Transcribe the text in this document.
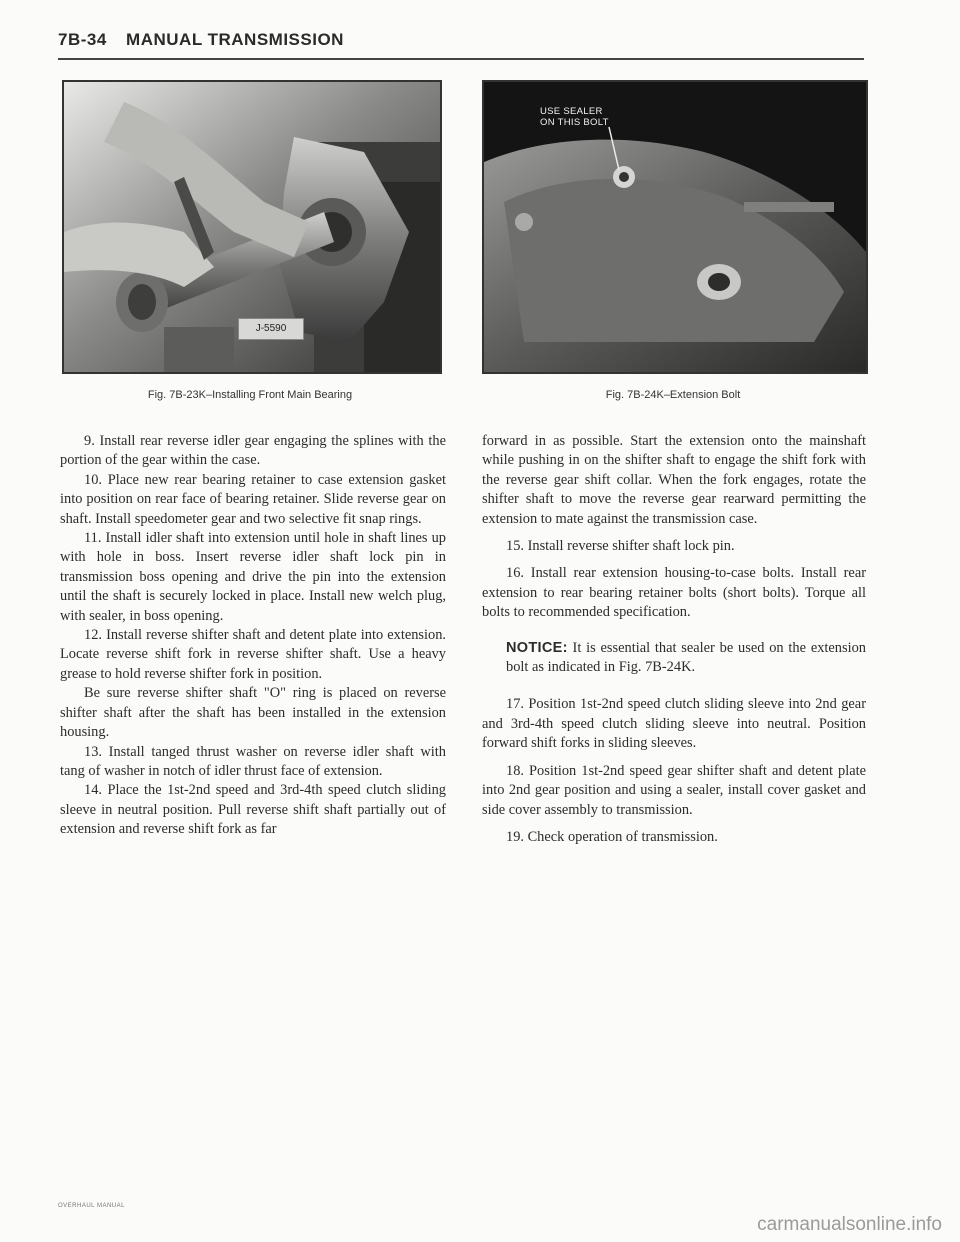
7B-34 MANUAL TRANSMISSION
J-5590
Fig. 7B-23K–Installing Front Main Bearing
USE SEALER
ON THIS BOLT
Fig. 7B-24K–Extension Bolt

9. Install rear reverse idler gear engaging the splines with the portion of the gear within the case.

10. Place new rear bearing retainer to case extension gasket into position on rear face of bearing retainer. Slide reverse gear on shaft. Install speedometer gear and two selective fit snap rings.

11. Install idler shaft into extension until hole in shaft lines up with hole in boss. Insert reverse idler shaft lock pin in transmission boss opening and drive the pin into the extension until the shaft is securely locked in place. Install new welch plug, with sealer, in boss opening.

12. Install reverse shifter shaft and detent plate into extension. Locate reverse shift fork in reverse shifter shaft. Use a heavy grease to hold reverse shifter fork in position.

Be sure reverse shifter shaft "O" ring is placed on reverse shifter shaft after the shaft has been installed in the extension housing.

13. Install tanged thrust washer on reverse idler shaft with tang of washer in notch of idler thrust face of extension.

14. Place the 1st-2nd speed and 3rd-4th speed clutch sliding sleeve in neutral position. Pull reverse shift shaft partially out of extension and reverse shift fork as far

forward in as possible. Start the extension onto the mainshaft while pushing in on the shifter shaft to engage the shift fork with the reverse gear shift collar. When the fork engages, rotate the shifter shaft to move the reverse gear rearward permitting the extension to mate against the transmission case.

15. Install reverse shifter shaft lock pin.

16. Install rear extension housing-to-case bolts. Install rear extension to rear bearing retainer bolts (short bolts). Torque all bolts to recommended specification.

NOTICE: It is essential that sealer be used on the extension bolt as indicated in Fig. 7B-24K.

17. Position 1st-2nd speed clutch sliding sleeve into 2nd gear and 3rd-4th speed clutch sliding sleeve into neutral. Position forward shift forks in sliding sleeves.

18. Position 1st-2nd speed gear shifter shaft and detent plate into 2nd gear position and using a sealer, install cover gasket and side cover assembly to transmission.

19. Check operation of transmission.

OVERHAUL MANUAL
carmanualsonline.info
